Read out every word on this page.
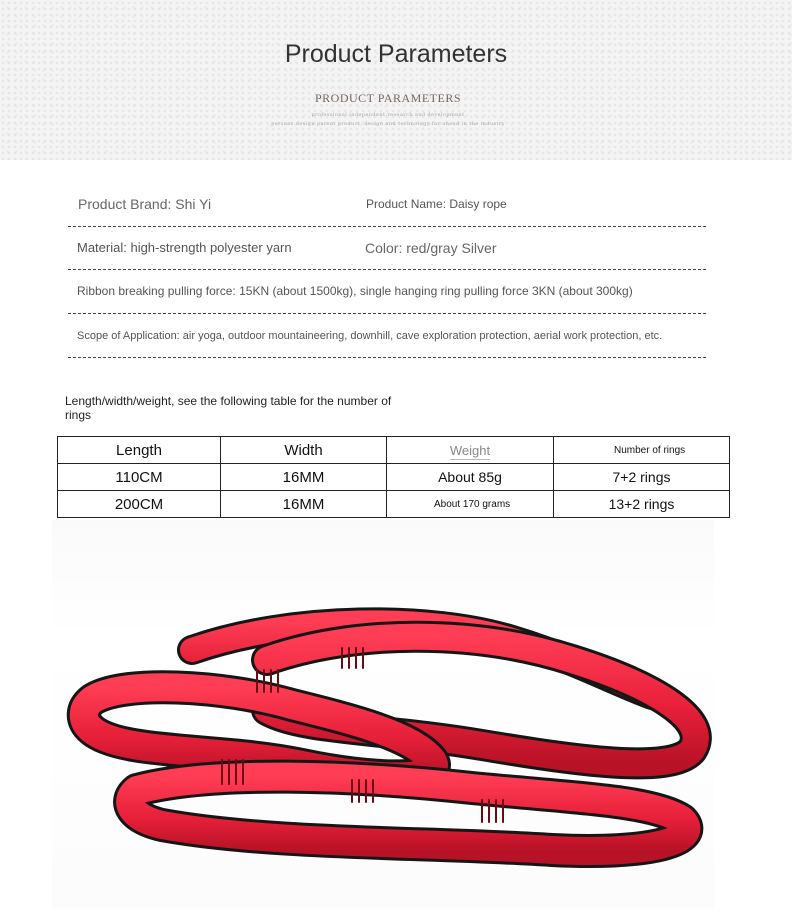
Product Parameters
PRODUCT PARAMETERS
professional independent research and development
persons design patent product, design and technology far ahead in the industry
Product Brand: Shi Yi	Product Name: Daisy rope
Material: high-strength polyester yarn	Color: red/gray Silver
Ribbon breaking pulling force: 15KN (about 1500kg), single hanging ring pulling force 3KN (about 300kg)
Scope of Application: air yoga, outdoor mountaineering, downhill, cave exploration protection, aerial work protection, etc.
Length/width/weight, see the following table for the number of rings
Length	Width	Weight	Number of rings
110CM	16MM	About 85g	7+2 rings
200CM	16MM	About 170 grams	13+2 rings
